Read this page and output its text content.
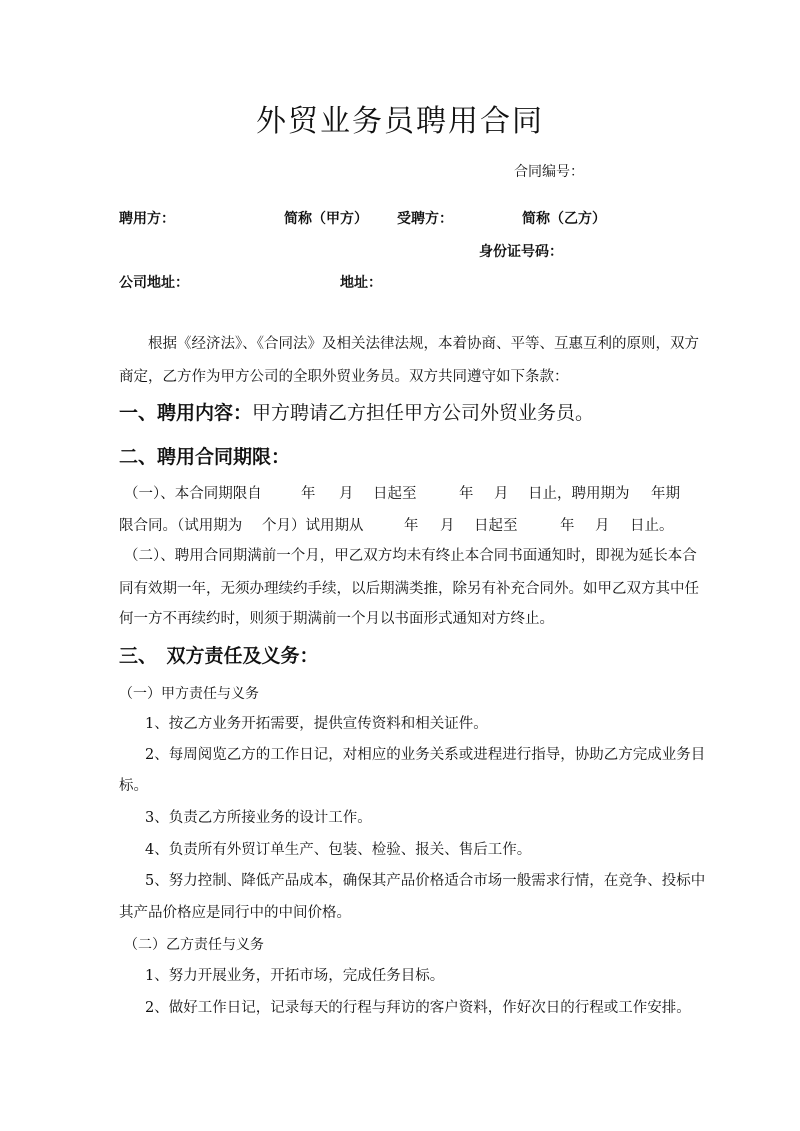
外贸业务员聘用合同
合同编号：
聘用方：	简称（甲方） 受聘方：	简称（乙方）
身份证号码：
公司地址：	地址：
根据《经济法》、《合同法》及相关法律法规，本着协商、平等、互惠互利的原则，双方
商定，乙方作为甲方公司的全职外贸业务员。双方共同遵守如下条款：
一、聘用内容：甲方聘请乙方担任甲方公司外贸业务员。
二、聘用合同期限：
（一）、本合同期限自	年 月 日起至	年 月 日止，聘用期为 年期
限合同。（试用期为 个月）试用期从	年 月 日起至	年 月 日止。
（二）、聘用合同期满前一个月，甲乙双方均未有终止本合同书面通知时，即视为延长本合
同有效期一年，无须办理续约手续，以后期满类推，除另有补充合同外。如甲乙双方其中任
何一方不再续约时，则须于期满前一个月以书面形式通知对方终止。
三、　双方责任及义务：
（一）甲方责任与义务
1、按乙方业务开拓需要，提供宣传资料和相关证件。
2、每周阅览乙方的工作日记，对相应的业务关系或进程进行指导，协助乙方完成业务目
标。
3、负责乙方所接业务的设计工作。
4、负责所有外贸订单生产、包装、检验、报关、售后工作。
5、努力控制、降低产品成本，确保其产品价格适合市场一般需求行情，在竞争、投标中
其产品价格应是同行中的中间价格。
（二）乙方责任与义务
1、努力开展业务，开拓市场，完成任务目标。
2、做好工作日记，记录每天的行程与拜访的客户资料，作好次日的行程或工作安排。
